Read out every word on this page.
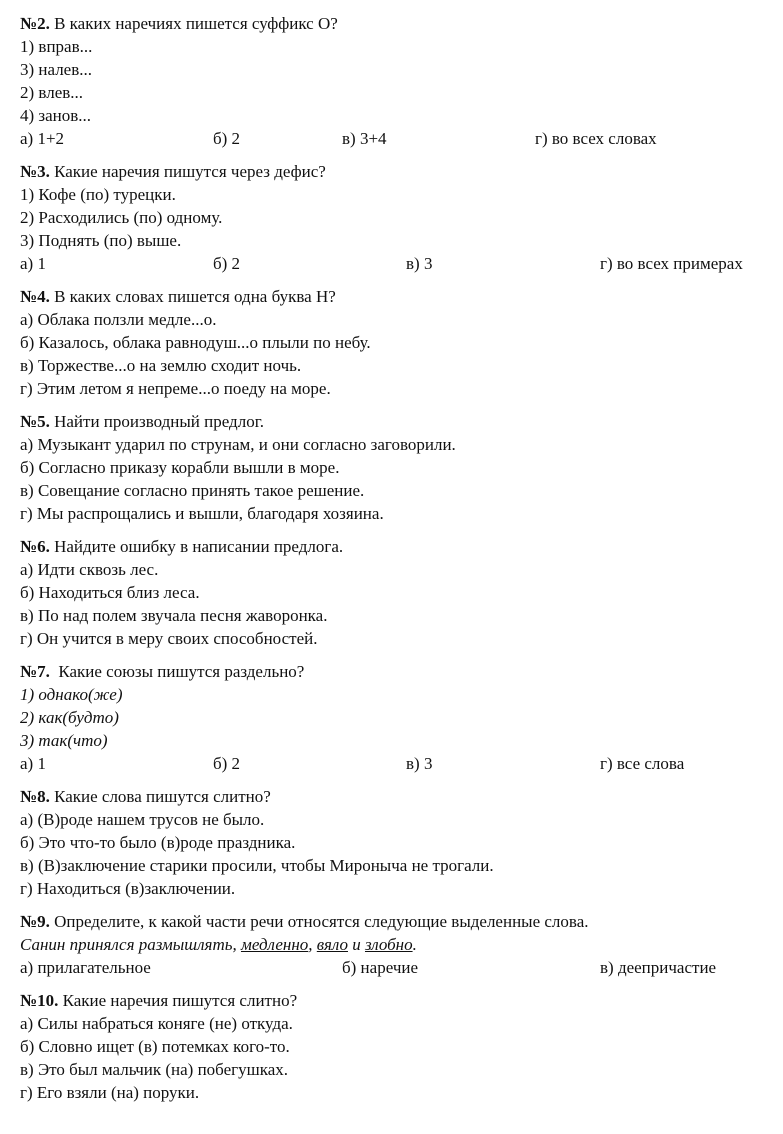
№2. В каких наречиях пишется суффикс О?
1) вправ...
3) налев...
2) влев...
4) занов...
а) 1+2	б) 2	в) 3+4	г) во всех словах
№3. Какие наречия пишутся через дефис?
1) Кофе (по) турецки.
2) Расходились (по) одному.
3) Поднять (по) выше.
а) 1	б) 2	в) 3	г) во всех примерах
№4. В каких словах пишется одна буква Н?
а) Облака ползли медле...о.
б) Казалось, облака равнодуш...о плыли по небу.
в) Торжестве...о на землю сходит ночь.
г) Этим летом я непреме...о поеду на море.
№5. Найти производный предлог.
а) Музыкант ударил по струнам, и они согласно заговорили.
б) Согласно приказу корабли вышли в море.
в) Совещание согласно принять такое решение.
г) Мы распрощались и вышли, благодаря хозяина.
№6. Найдите ошибку в написании предлога.
а) Идти сквозь лес.
б) Находиться близ леса.
в) По над полем звучала песня жаворонка.
г) Он учится в меру своих способностей.
№7.  Какие союзы пишутся раздельно?
1) однако(же)
2) как(будто)
3) так(что)
а) 1	б) 2	в) 3	г) все слова
№8. Какие слова пишутся слитно?
а) (В)роде нашем трусов не было.
б) Это что-то было (в)роде праздника.
в) (В)заключение старики просили, чтобы Мироныча не трогали.
г) Находиться (в)заключении.
№9. Определите, к какой части речи относятся следующие выделенные слова.
Санин принялся размышлять, медленно, вяло и злобно.
а) прилагательное	б) наречие	в) деепричастие
№10. Какие наречия пишутся слитно?
а) Силы набраться коняге (не) откуда.
б) Словно ищет (в) потемках кого-то.
в) Это был мальчик (на) побегушках.
г) Его взяли (на) поруки.
